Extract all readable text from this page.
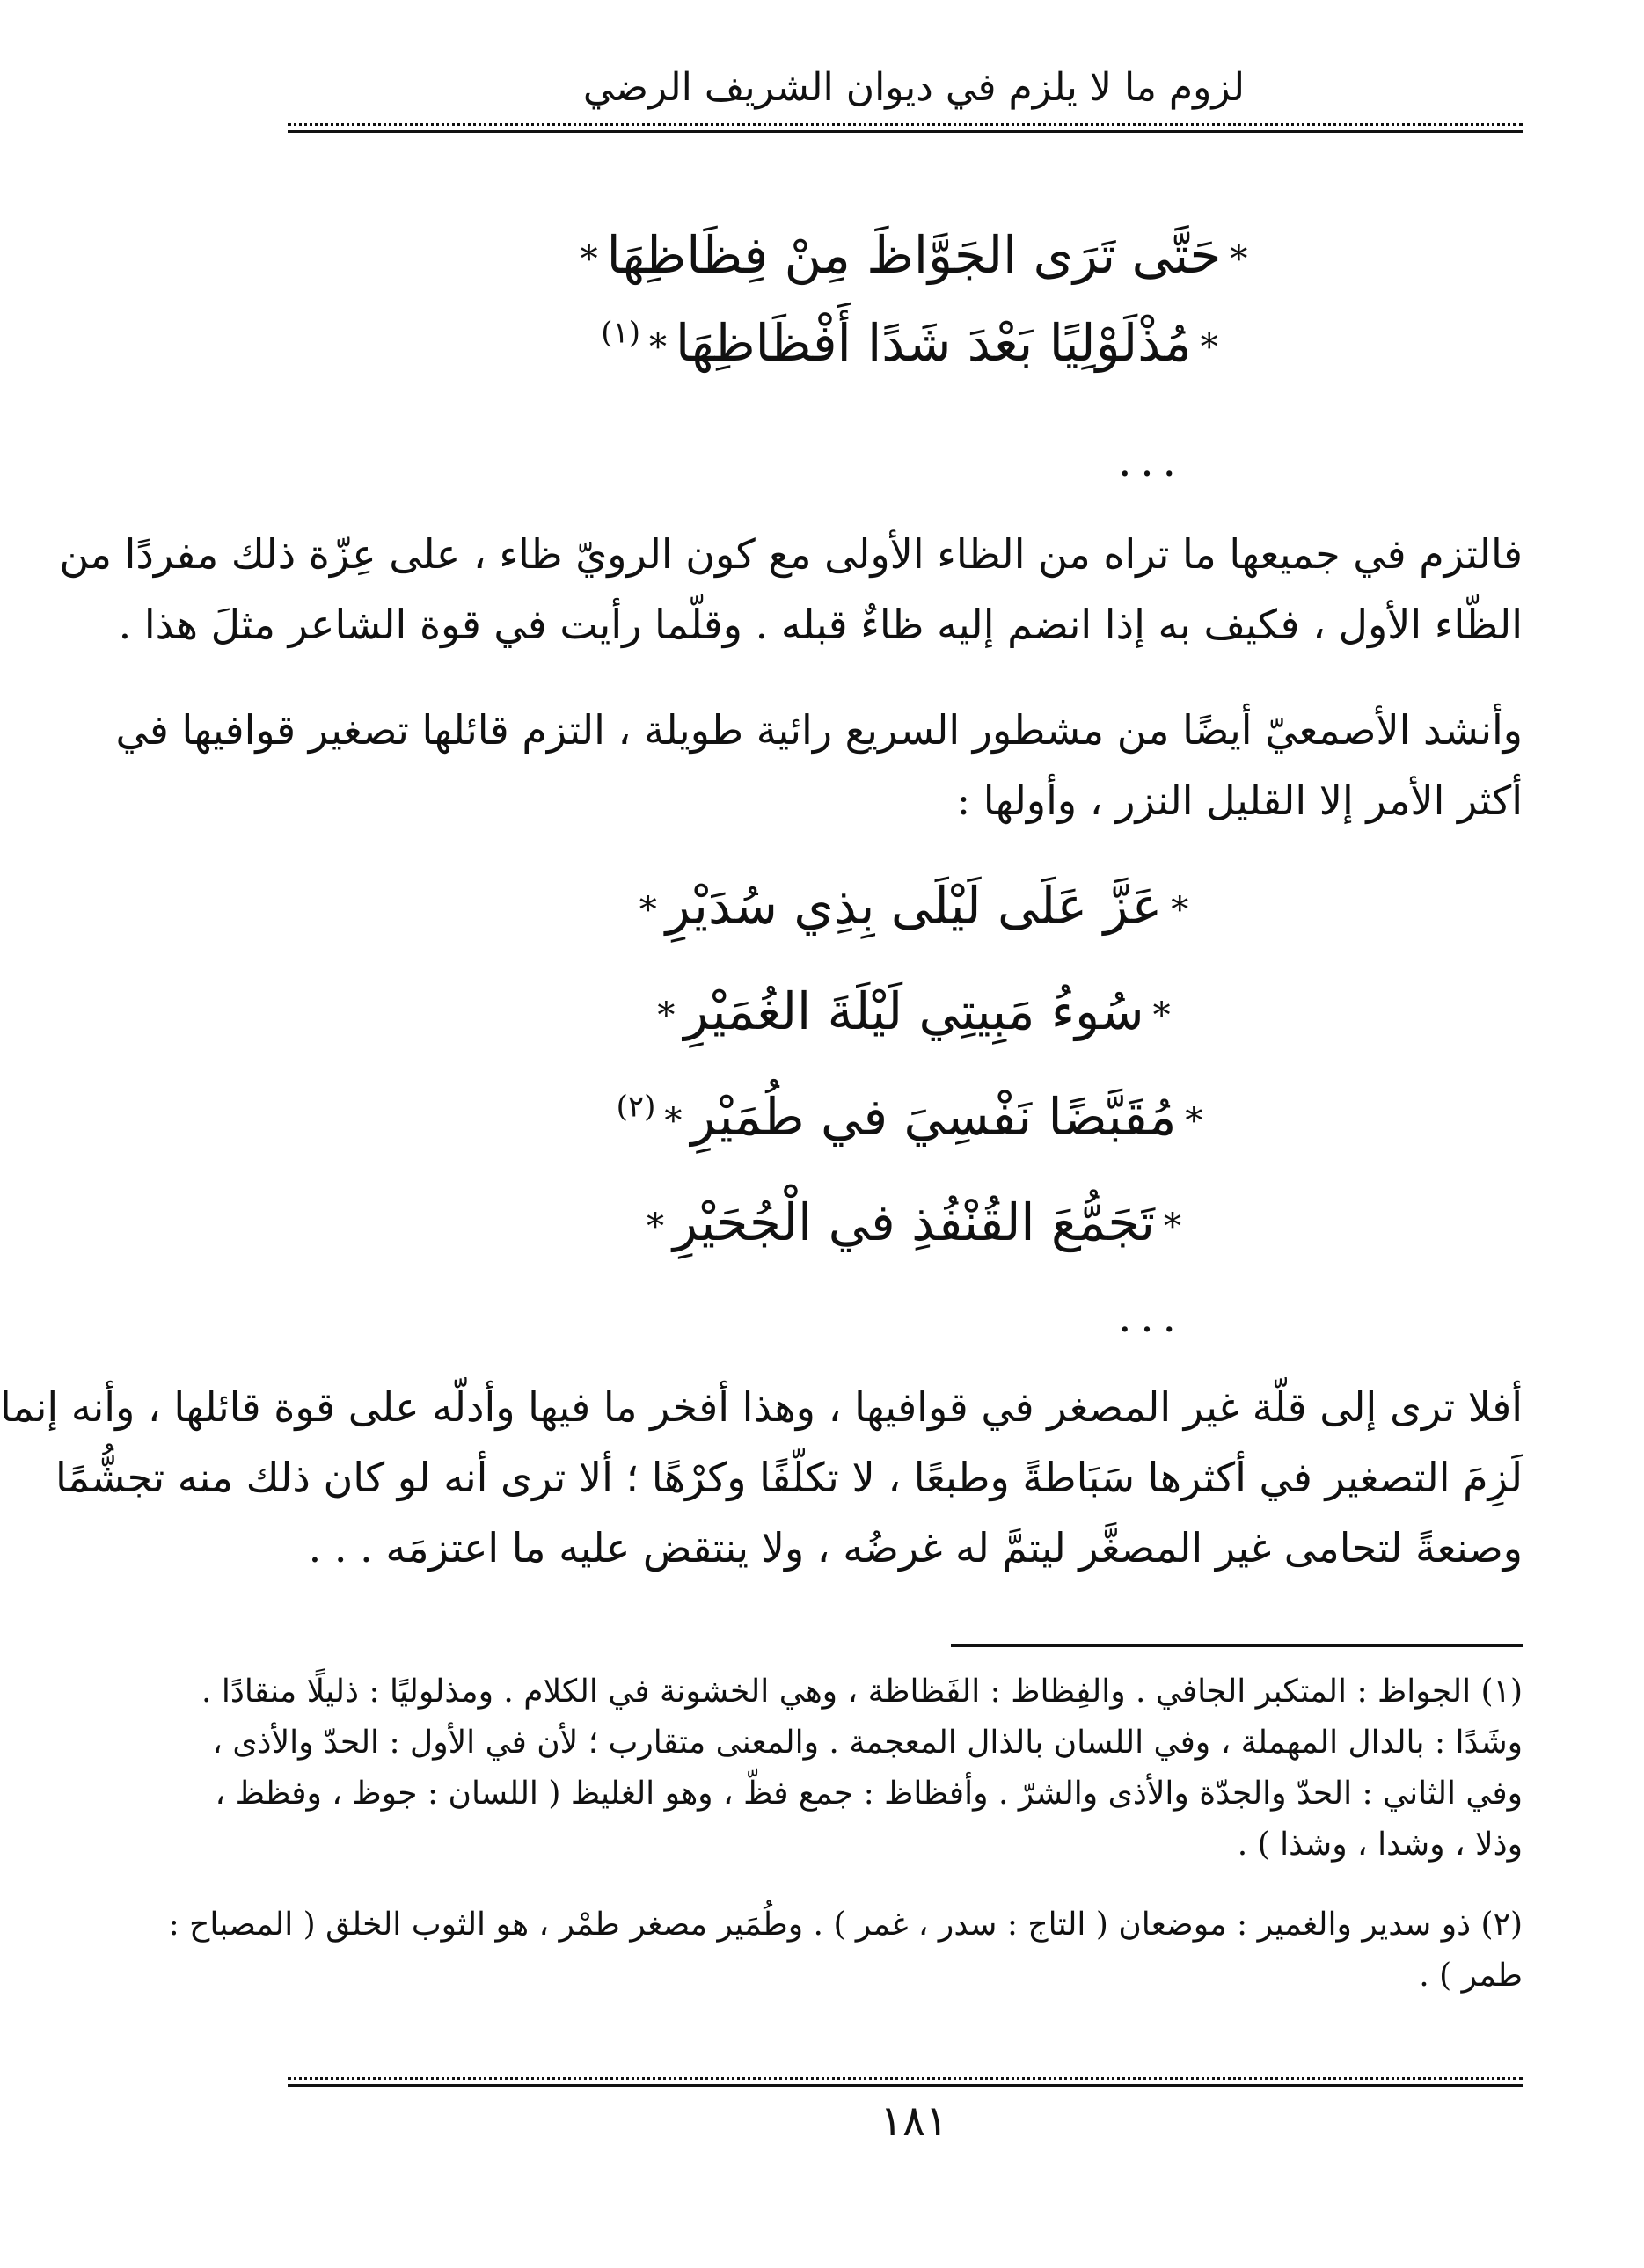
لزوم ما لا يلزم في ديوان الشريف الرضي
*حَتَّى تَرَى الجَوَّاظَ مِنْ فِظَاظِهَا*
*مُذْلَوْلِيًا بَعْدَ شَدًا أَفْظَاظِهَا*$^{(١)}$
...
فالتزم في جميعها ما تراه من الظاء الأولى مع كون الرويّ ظاء ، على عِزّة ذلك مفردًا من
الظّاء الأول ، فكيف به إذا انضم إليه ظاءٌ قبله . وقلّما رأيت في قوة الشاعر مثلَ هذا .
وأنشد الأصمعيّ أيضًا من مشطور السريع رائية طويلة ، التزم قائلها تصغير قوافيها في
أكثر الأمر إلا القليل النزر ، وأولها :
*عَزَّ عَلَى لَيْلَى بِذِي سُدَيْرِ*
*سُوءُ مَبِيتِي لَيْلَةَ الغُمَيْرِ*
*مُقَبَّضًا نَفْسِيَ في طُمَيْرِ*$^{(٢)}$
*تَجَمُّعَ القُنْفُذِ في الْجُحَيْرِ*
...
أفلا ترى إلى قلّة غير المصغر في قوافيها ، وهذا أفخر ما فيها وأدلّه على قوة قائلها ، وأنه إنما
لَزِمَ التصغير في أكثرها سَبَاطةً وطبعًا ، لا تكلّفًا وكرْهًا ؛ ألا ترى أنه لو كان ذلك منه تجشُّمًا
وصنعةً لتحامى غير المصغَّر ليتمَّ له غرضُه ، ولا ينتقض عليه ما اعتزمَه . . .
(١) الجواظ : المتكبر الجافي . والفِظاظ : الفَظاظة ، وهي الخشونة في الكلام . ومذلوليًا : ذليلًا منقادًا .
وشَدًا : بالدال المهملة ، وفي اللسان بالذال المعجمة . والمعنى متقارب ؛ لأن في الأول : الحدّ والأذى ،
وفي الثاني : الحدّ والجدّة والأذى والشرّ . وأفظاظ : جمع فظّ ، وهو الغليظ ( اللسان : جوظ ، وفظظ ،
وذلا ، وشدا ، وشذا ) .
(٢) ذو سدير والغمير : موضعان ( التاج : سدر ، غمر ) . وطُمَير مصغر طمْر ، هو الثوب الخلق ( المصباح :
طمر ) .
١٨١
